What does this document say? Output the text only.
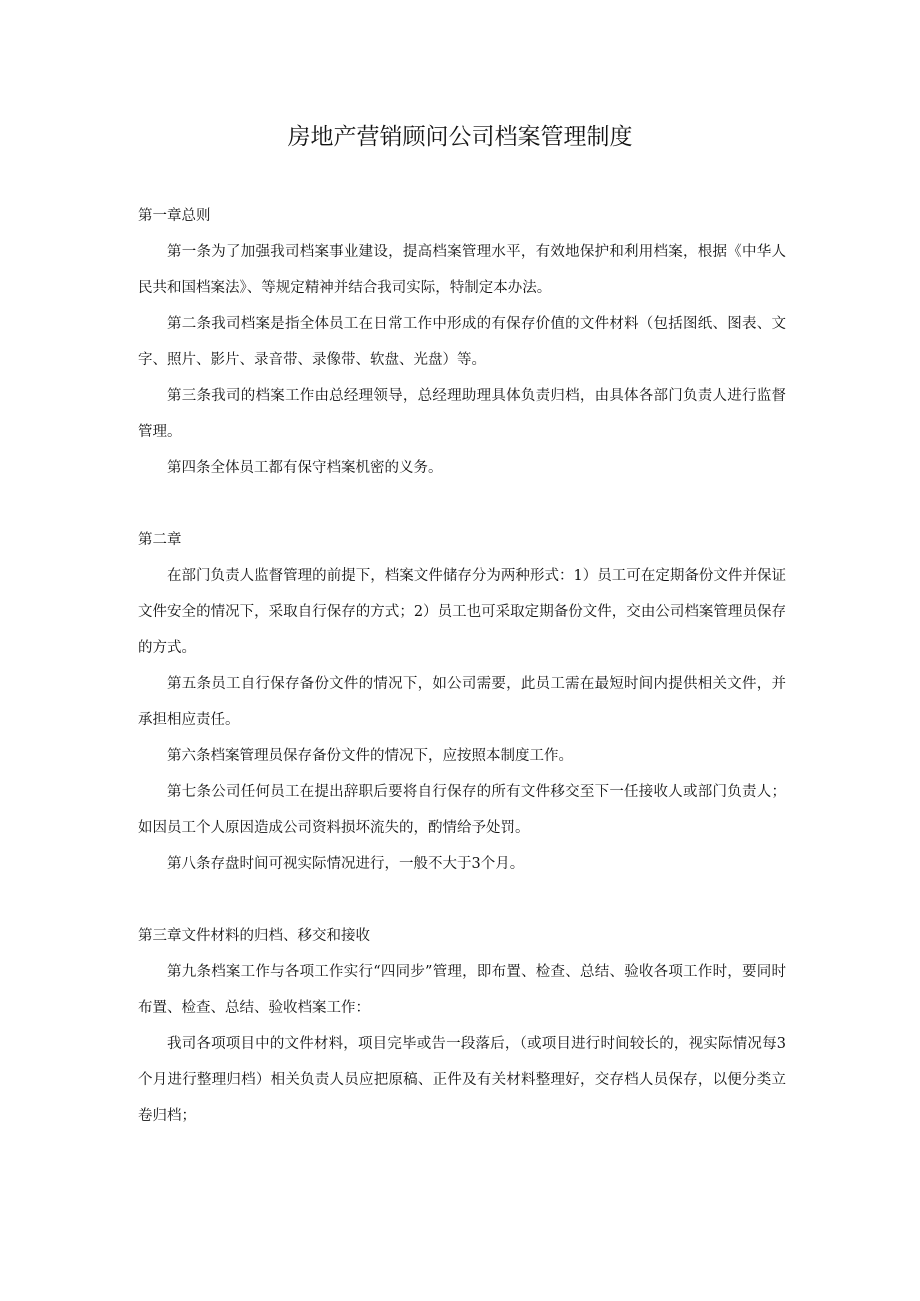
房地产营销顾问公司档案管理制度

第一章总则

第一条为了加强我司档案事业建设，提高档案管理水平，有效地保护和利用档案，根据《中华人民共和国档案法》、等规定精神并结合我司实际，特制定本办法。

第二条我司档案是指全体员工在日常工作中形成的有保存价值的文件材料（包括图纸、图表、文字、照片、影片、录音带、录像带、软盘、光盘）等。

第三条我司的档案工作由总经理领导，总经理助理具体负责归档，由具体各部门负责人进行监督管理。

第四条全体员工都有保守档案机密的义务。

第二章

在部门负责人监督管理的前提下，档案文件储存分为两种形式：1）员工可在定期备份文件并保证文件安全的情况下，采取自行保存的方式；2）员工也可采取定期备份文件，交由公司档案管理员保存的方式。

第五条员工自行保存备份文件的情况下，如公司需要，此员工需在最短时间内提供相关文件，并承担相应责任。

第六条档案管理员保存备份文件的情况下，应按照本制度工作。

第七条公司任何员工在提出辞职后要将自行保存的所有文件移交至下一任接收人或部门负责人；如因员工个人原因造成公司资料损坏流失的，酌情给予处罚。

第八条存盘时间可视实际情况进行，一般不大于3个月。

第三章文件材料的归档、移交和接收

第九条档案工作与各项工作实行“四同步”管理，即布置、检查、总结、验收各项工作时，要同时布置、检查、总结、验收档案工作：

我司各项项目中的文件材料，项目完毕或告一段落后，（或项目进行时间较长的，视实际情况每3个月进行整理归档）相关负责人员应把原稿、正件及有关材料整理好，交存档人员保存，以便分类立卷归档；
